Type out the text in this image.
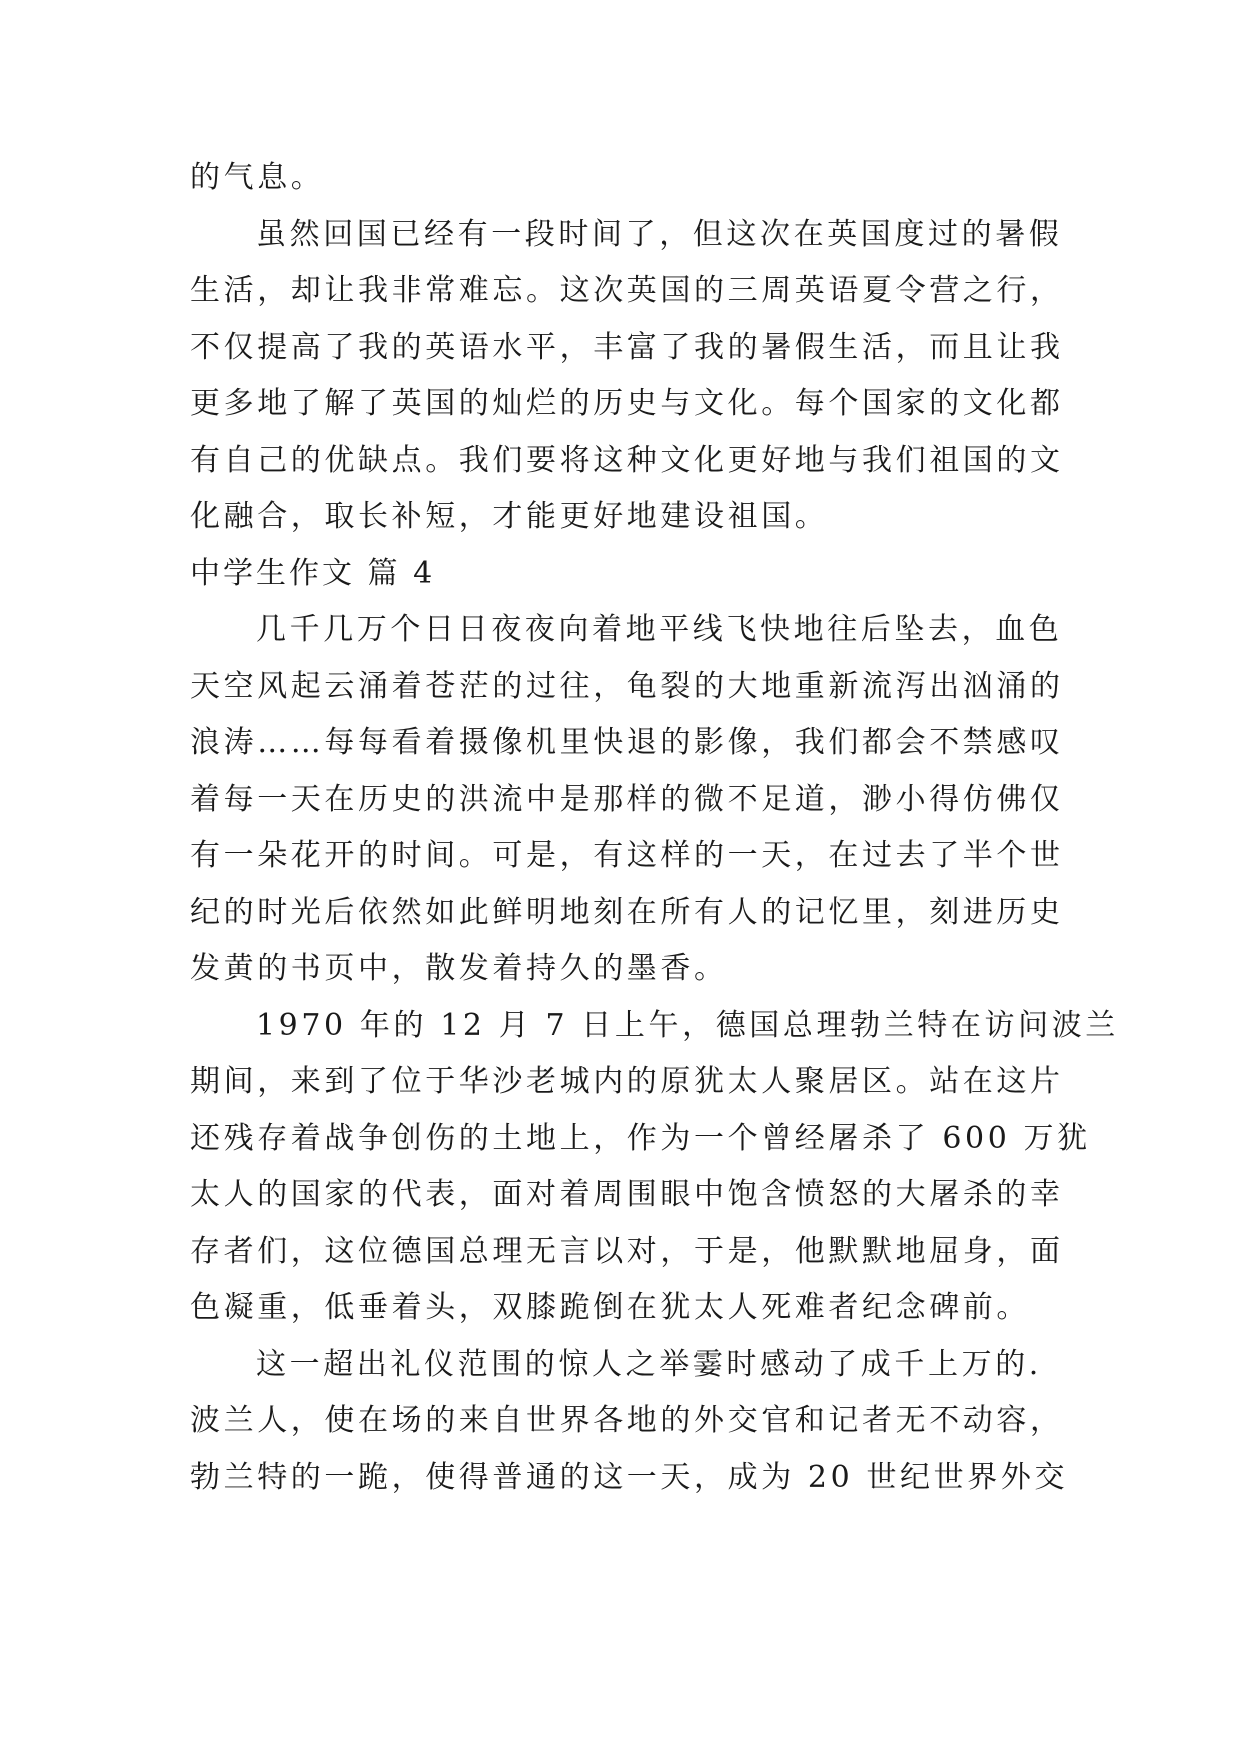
的气息。
虽然回国已经有一段时间了，但这次在英国度过的暑假
生活，却让我非常难忘。这次英国的三周英语夏令营之行，
不仅提高了我的英语水平，丰富了我的暑假生活，而且让我
更多地了解了英国的灿烂的历史与文化。每个国家的文化都
有自己的优缺点。我们要将这种文化更好地与我们祖国的文
化融合，取长补短，才能更好地建设祖国。
中学生作文 篇 4
几千几万个日日夜夜向着地平线飞快地往后坠去，血色
天空风起云涌着苍茫的过往，龟裂的大地重新流泻出汹涌的
浪涛……每每看着摄像机里快退的影像，我们都会不禁感叹
着每一天在历史的洪流中是那样的微不足道，渺小得仿佛仅
有一朵花开的时间。可是，有这样的一天，在过去了半个世
纪的时光后依然如此鲜明地刻在所有人的记忆里，刻进历史
发黄的书页中，散发着持久的墨香。
1970 年的 12 月 7 日上午，德国总理勃兰特在访问波兰
期间，来到了位于华沙老城内的原犹太人聚居区。站在这片
还残存着战争创伤的土地上，作为一个曾经屠杀了 600 万犹
太人的国家的代表，面对着周围眼中饱含愤怒的大屠杀的幸
存者们，这位德国总理无言以对，于是，他默默地屈身，面
色凝重，低垂着头，双膝跪倒在犹太人死难者纪念碑前。
这一超出礼仪范围的惊人之举霎时感动了成千上万的.
波兰人，使在场的来自世界各地的外交官和记者无不动容，
勃兰特的一跪，使得普通的这一天，成为 20 世纪世界外交
